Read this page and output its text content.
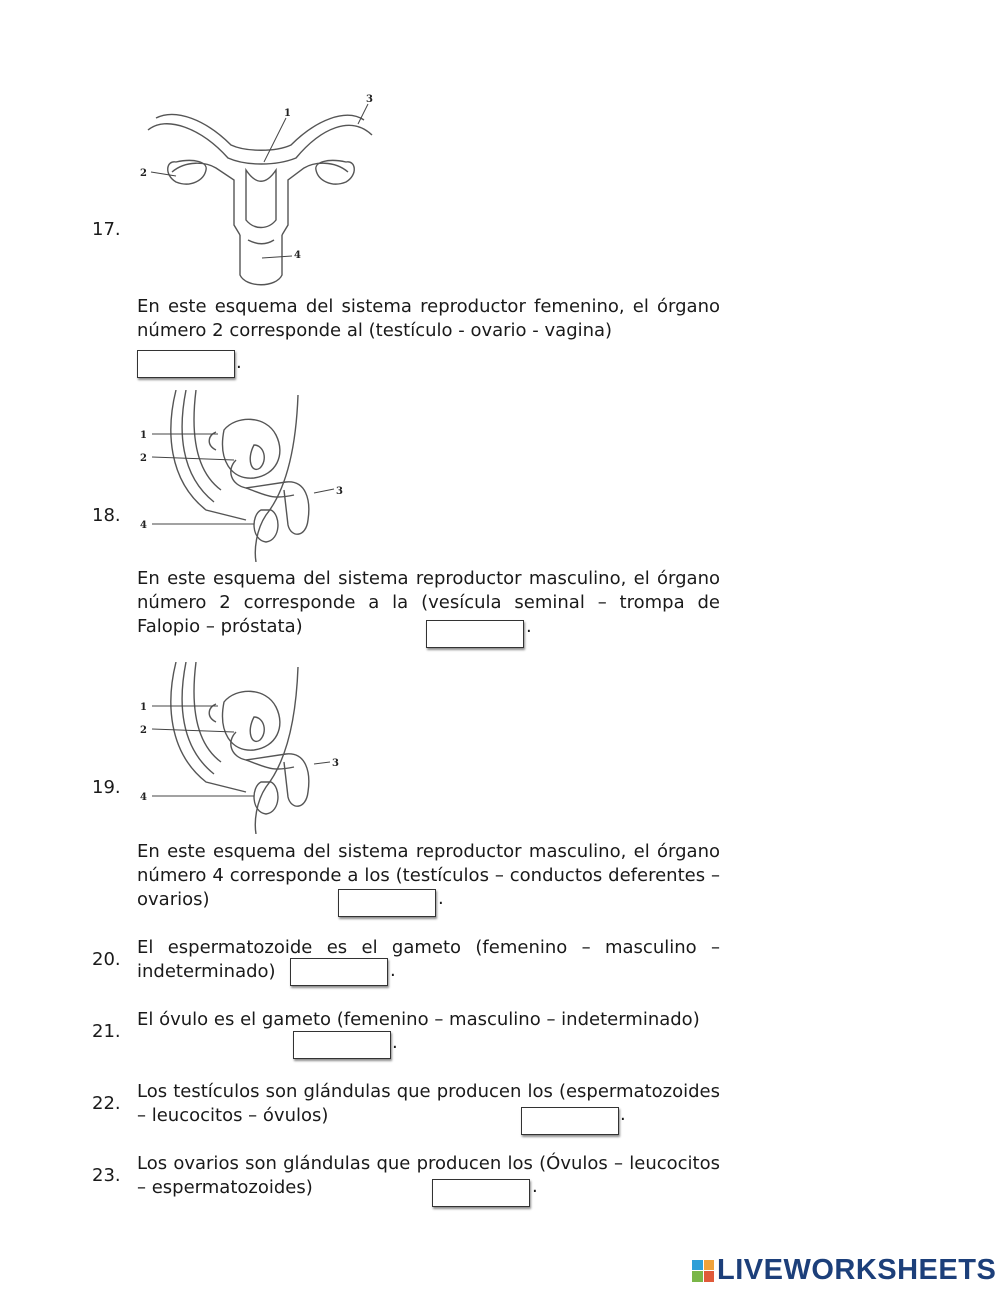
17.
1
2
3
4
En este esquema del sistema reproductor femenino, el órgano número 2 corresponde al (testículo - ovario - vagina)
.
18.
1
2
3
4
En este esquema del sistema reproductor masculino, el órgano número 2 corresponde a la (vesícula seminal – trompa de Falopio – próstata)	.
19.
1
2
3
4
En este esquema del sistema reproductor masculino, el órgano número 4 corresponde a los (testículos – conductos deferentes – ovarios)	.
20.
El espermatozoide es el gameto (femenino – masculino – indeterminado)	.
21.
El óvulo es el gameto (femenino – masculino – indeterminado)
.
22.
Los testículos son glándulas que producen los (espermatozoides – leucocitos – óvulos)	.
23.
Los ovarios son glándulas que producen los (Óvulos – leucocitos – espermatozoides)	.
LIVEWORKSHEETS
